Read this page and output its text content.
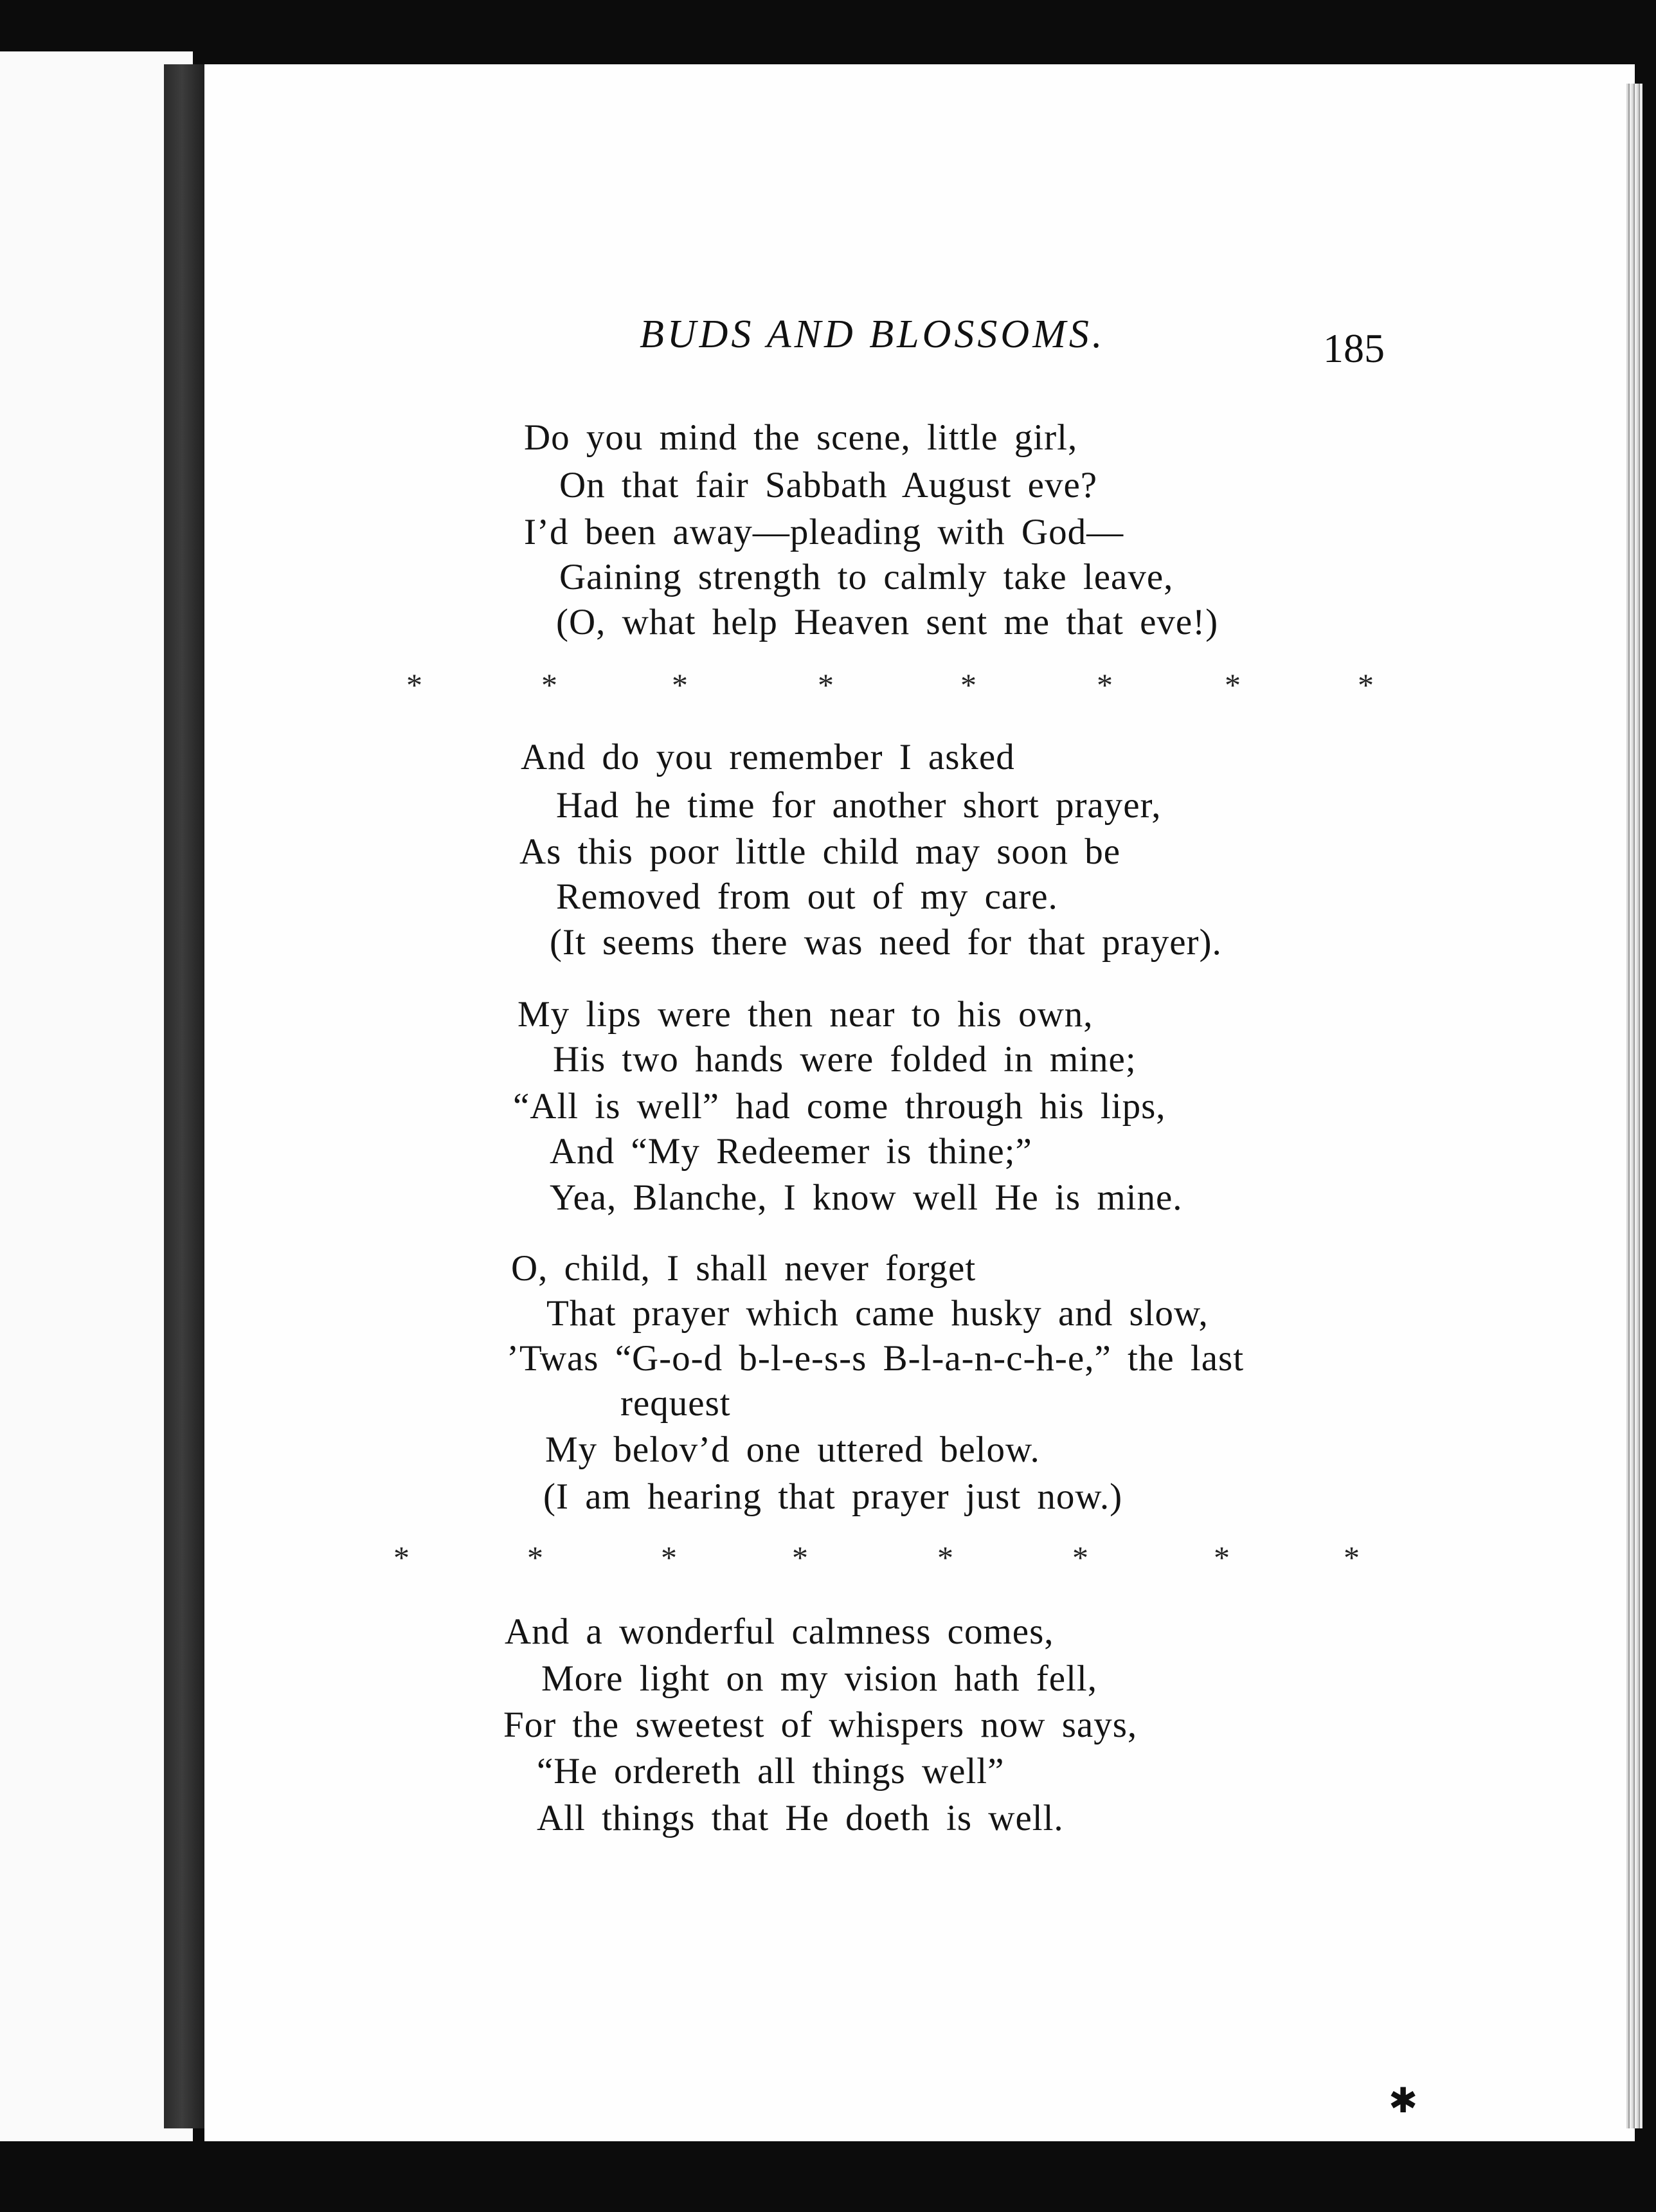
BUDS AND BLOSSOMS.	185
Do you mind the scene, little girl,
On that fair Sabbath August eve?
I’d been away—pleading with God—
Gaining strength to calmly take leave,
(O, what help Heaven sent me that eve!)
*	*	*	*	*	*	*	*
And do you remember I asked
Had he time for another short prayer,
As this poor little child may soon be
Removed from out of my care.
(It seems there was need for that prayer).
My lips were then near to his own,
His two hands were folded in mine;
“All is well” had come through his lips,
And “My Redeemer is thine;”
Yea, Blanche, I know well He is mine.
O, child, I shall never forget
That prayer which came husky and slow,
’Twas “G-o-d b-l-e-s-s B-l-a-n-c-h-e,” the last
request
My belov’d one uttered below.
(I am hearing that prayer just now.)
*	*	*	*	*	*	*	*
And a wonderful calmness comes,
More light on my vision hath fell,
For the sweetest of whispers now says,
“He ordereth all things well”
All things that He doeth is well.
✱
